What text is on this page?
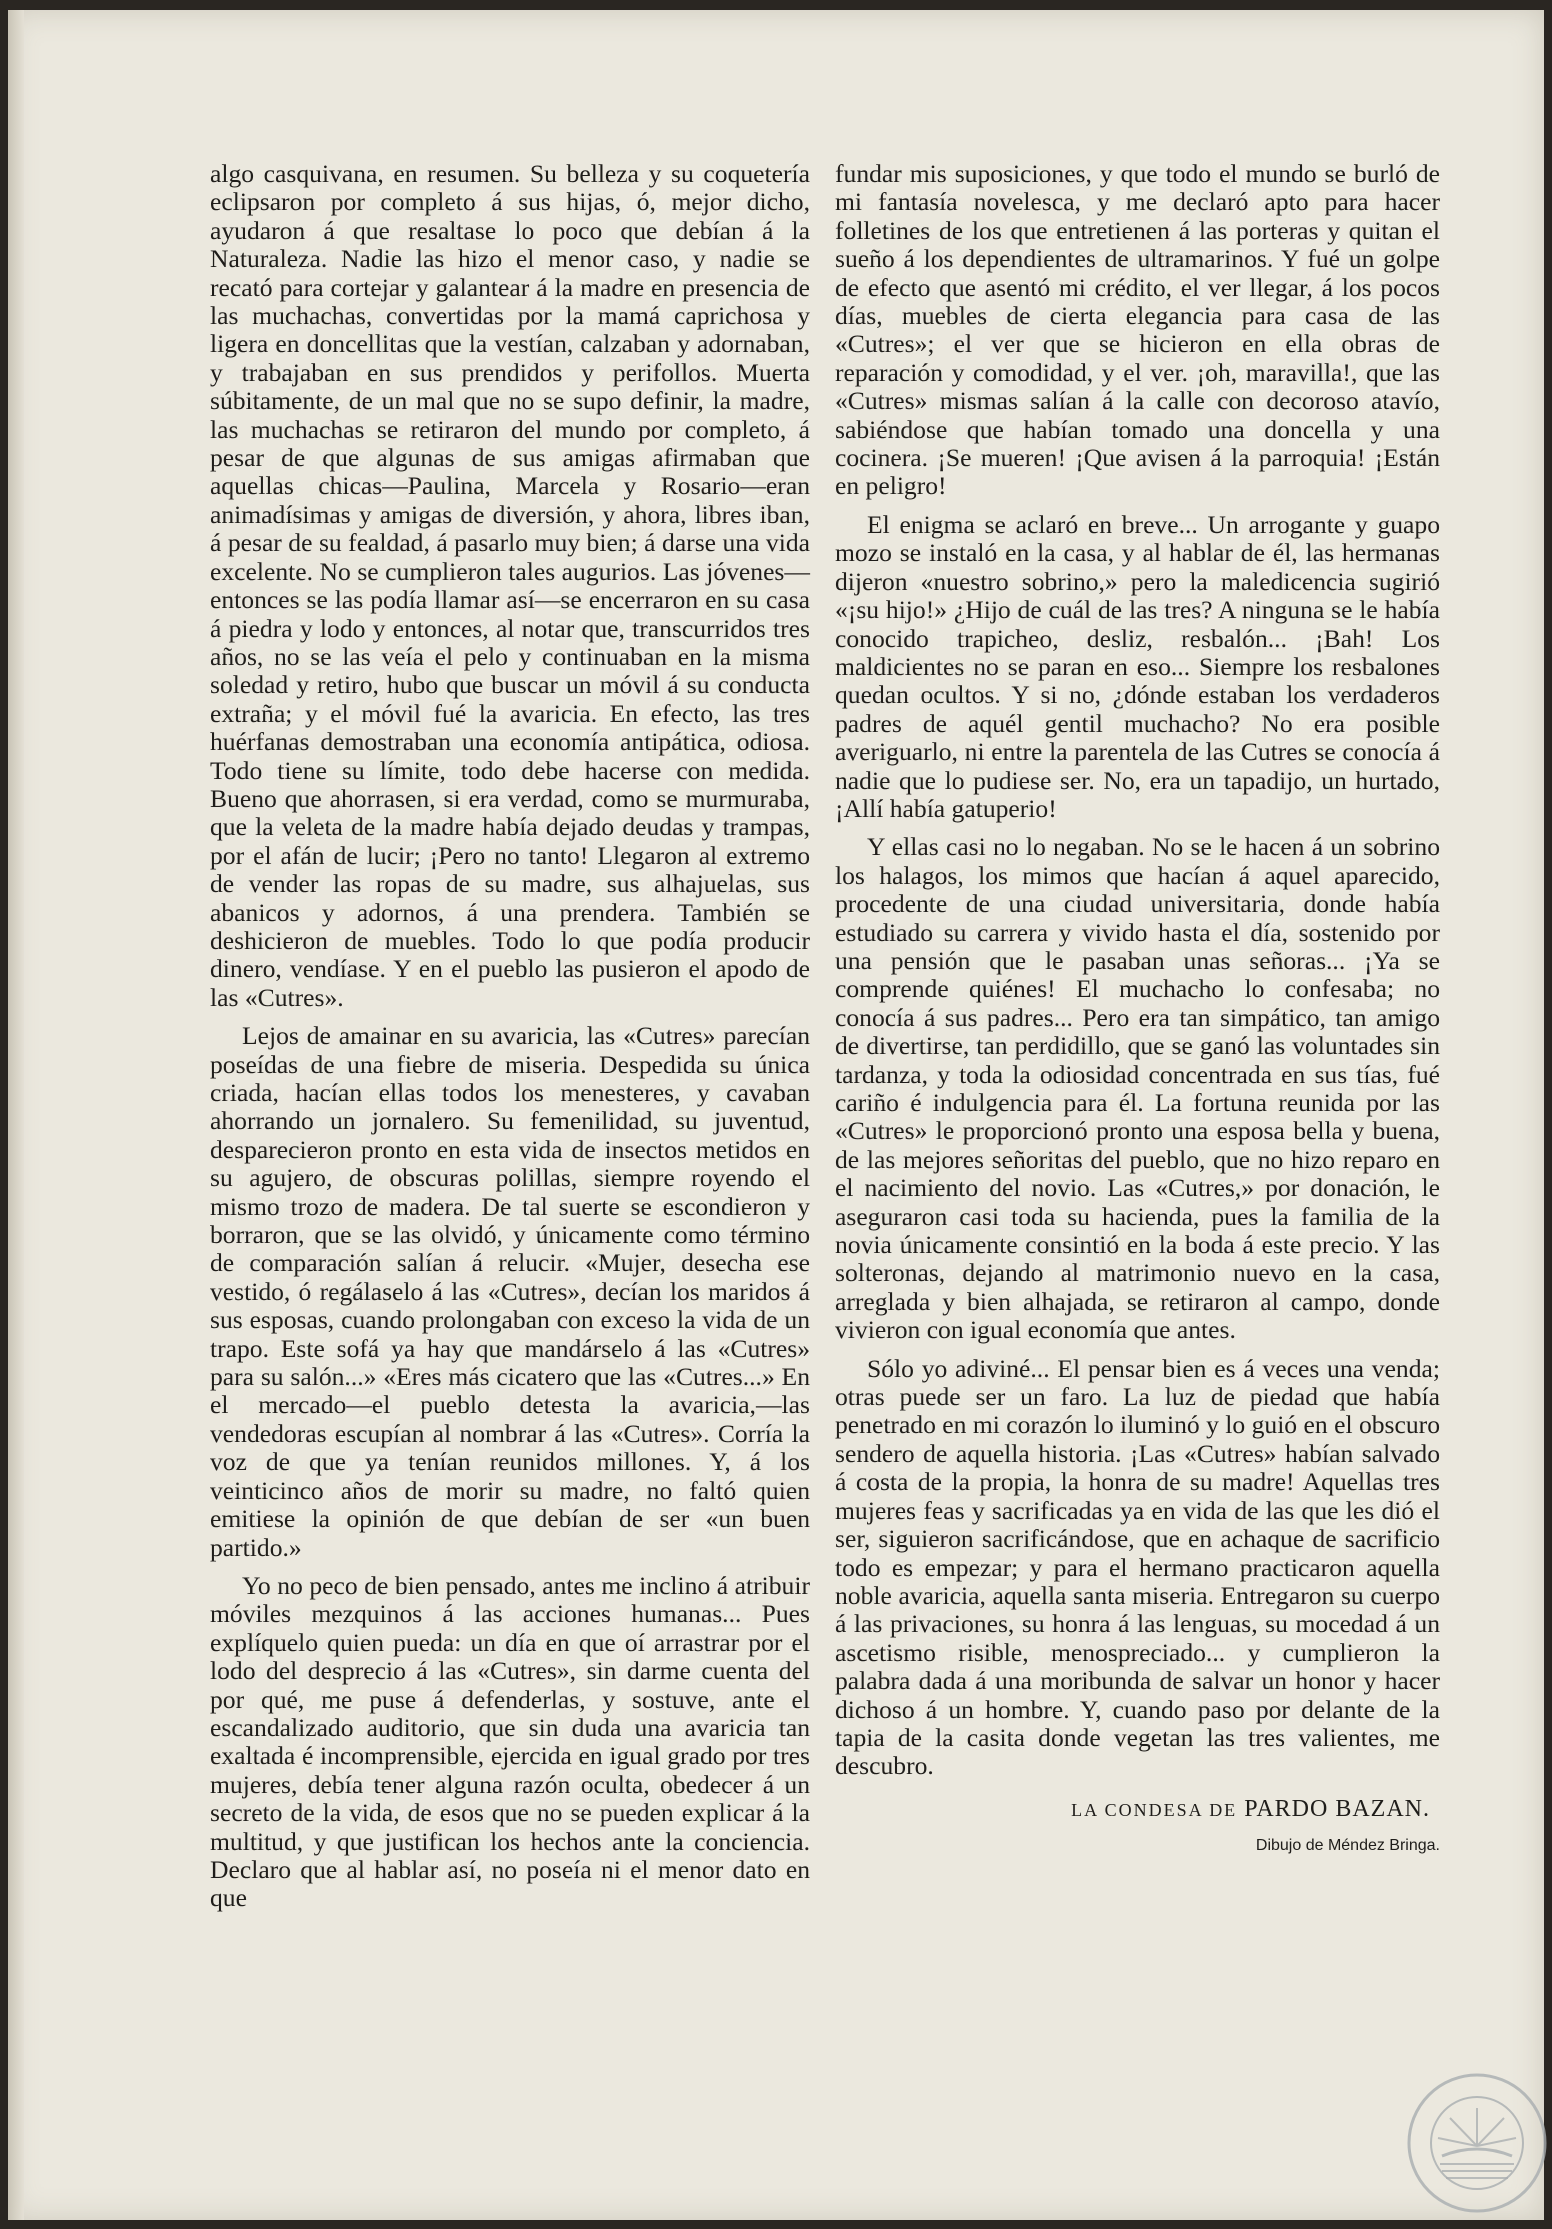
algo casquivana, en resumen. Su belleza y su coquetería eclipsaron por completo á sus hijas, ó, mejor dicho, ayudaron á que resaltase lo poco que debían á la Naturaleza. Nadie las hizo el menor caso, y nadie se recató para cortejar y galantear á la madre en presencia de las muchachas, convertidas por la mamá caprichosa y ligera en doncellitas que la vestían, calzaban y adornaban, y trabajaban en sus prendidos y perifollos. Muerta súbitamente, de un mal que no se supo definir, la madre, las muchachas se retiraron del mundo por completo, á pesar de que algunas de sus amigas afirmaban que aquellas chicas—Paulina, Marcela y Rosario—eran animadísimas y amigas de diversión, y ahora, libres iban, á pesar de su fealdad, á pasarlo muy bien; á darse una vida excelente. No se cumplieron tales augurios. Las jóvenes—entonces se las podía llamar así—se encerraron en su casa á piedra y lodo y entonces, al notar que, transcurridos tres años, no se las veía el pelo y continuaban en la misma soledad y retiro, hubo que buscar un móvil á su conducta extraña; y el móvil fué la avaricia. En efecto, las tres huérfanas demostraban una economía antipática, odiosa. Todo tiene su límite, todo debe hacerse con medida. Bueno que ahorrasen, si era verdad, como se murmuraba, que la veleta de la madre había dejado deudas y trampas, por el afán de lucir; ¡Pero no tanto! Llegaron al extremo de vender las ropas de su madre, sus alhajuelas, sus abanicos y adornos, á una prendera. También se deshicieron de muebles. Todo lo que podía producir dinero, vendíase. Y en el pueblo las pusieron el apodo de las «Cutres».

Lejos de amainar en su avaricia, las «Cutres» parecían poseídas de una fiebre de miseria. Despedida su única criada, hacían ellas todos los menesteres, y cavaban ahorrando un jornalero. Su femenilidad, su juventud, desparecieron pronto en esta vida de insectos metidos en su agujero, de obscuras polillas, siempre royendo el mismo trozo de madera. De tal suerte se escondieron y borraron, que se las olvidó, y únicamente como término de comparación salían á relucir. «Mujer, desecha ese vestido, ó regálaselo á las «Cutres», decían los maridos á sus esposas, cuando prolongaban con exceso la vida de un trapo. Este sofá ya hay que mandárselo á las «Cutres» para su salón...» «Eres más cicatero que las «Cutres...» En el mercado—el pueblo detesta la avaricia,—las vendedoras escupían al nombrar á las «Cutres». Corría la voz de que ya tenían reunidos millones. Y, á los veinticinco años de morir su madre, no faltó quien emitiese la opinión de que debían de ser «un buen partido.»

Yo no peco de bien pensado, antes me inclino á atribuir móviles mezquinos á las acciones humanas... Pues explíquelo quien pueda: un día en que oí arrastrar por el lodo del desprecio á las «Cutres», sin darme cuenta del por qué, me puse á defenderlas, y sostuve, ante el escandalizado auditorio, que sin duda una avaricia tan exaltada é incomprensible, ejercida en igual grado por tres mujeres, debía tener alguna razón oculta, obedecer á un secreto de la vida, de esos que no se pueden explicar á la multitud, y que justifican los hechos ante la conciencia. Declaro que al hablar así, no poseía ni el menor dato en que

fundar mis suposiciones, y que todo el mundo se burló de mi fantasía novelesca, y me declaró apto para hacer folletines de los que entretienen á las porteras y quitan el sueño á los dependientes de ultramarinos. Y fué un golpe de efecto que asentó mi crédito, el ver llegar, á los pocos días, muebles de cierta elegancia para casa de las «Cutres»; el ver que se hicieron en ella obras de reparación y comodidad, y el ver. ¡oh, maravilla!, que las «Cutres» mismas salían á la calle con decoroso atavío, sabiéndose que habían tomado una doncella y una cocinera. ¡Se mueren! ¡Que avisen á la parroquia! ¡Están en peligro!

El enigma se aclaró en breve... Un arrogante y guapo mozo se instaló en la casa, y al hablar de él, las hermanas dijeron «nuestro sobrino,» pero la maledicencia sugirió «¡su hijo!» ¿Hijo de cuál de las tres? A ninguna se le había conocido trapicheo, desliz, resbalón... ¡Bah! Los maldicientes no se paran en eso... Siempre los resbalones quedan ocultos. Y si no, ¿dónde estaban los verdaderos padres de aquél gentil muchacho? No era posible averiguarlo, ni entre la parentela de las Cutres se conocía á nadie que lo pudiese ser. No, era un tapadijo, un hurtado, ¡Allí había gatuperio!

Y ellas casi no lo negaban. No se le hacen á un sobrino los halagos, los mimos que hacían á aquel aparecido, procedente de una ciudad universitaria, donde había estudiado su carrera y vivido hasta el día, sostenido por una pensión que le pasaban unas señoras... ¡Ya se comprende quiénes! El muchacho lo confesaba; no conocía á sus padres... Pero era tan simpático, tan amigo de divertirse, tan perdidillo, que se ganó las voluntades sin tardanza, y toda la odiosidad concentrada en sus tías, fué cariño é indulgencia para él. La fortuna reunida por las «Cutres» le proporcionó pronto una esposa bella y buena, de las mejores señoritas del pueblo, que no hizo reparo en el nacimiento del novio. Las «Cutres,» por donación, le aseguraron casi toda su hacienda, pues la familia de la novia únicamente consintió en la boda á este precio. Y las solteronas, dejando al matrimonio nuevo en la casa, arreglada y bien alhajada, se retiraron al campo, donde vivieron con igual economía que antes.

Sólo yo adiviné... El pensar bien es á veces una venda; otras puede ser un faro. La luz de piedad que había penetrado en mi corazón lo iluminó y lo guió en el obscuro sendero de aquella historia. ¡Las «Cutres» habían salvado á costa de la propia, la honra de su madre! Aquellas tres mujeres feas y sacrificadas ya en vida de las que les dió el ser, siguieron sacrificándose, que en achaque de sacrificio todo es empezar; y para el hermano practicaron aquella noble avaricia, aquella santa miseria. Entregaron su cuerpo á las privaciones, su honra á las lenguas, su mocedad á un ascetismo risible, menospreciado... y cumplieron la palabra dada á una moribunda de salvar un honor y hacer dichoso á un hombre. Y, cuando paso por delante de la tapia de la casita donde vegetan las tres valientes, me descubro.

LA CONDESA DE PARDO BAZAN.
Dibujo de Méndez Bringa.
